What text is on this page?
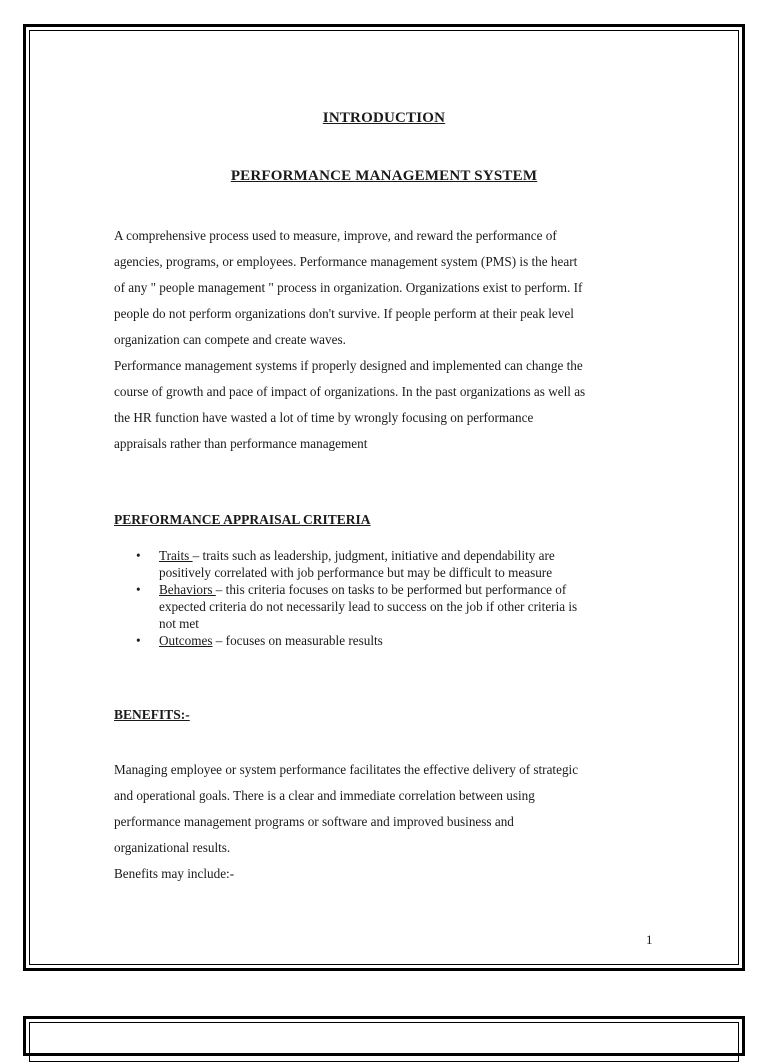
INTRODUCTION
PERFORMANCE MANAGEMENT SYSTEM

A comprehensive process used to measure, improve, and reward the performance of

agencies, programs, or employees. Performance management system (PMS) is the heart

of any " people management " process in organization. Organizations exist to perform. If

people do not perform organizations don't survive. If people perform at their peak level

organization can compete and create waves.

Performance management systems if properly designed and implemented can change the

course of growth and pace of impact of organizations. In the past organizations as well as

the HR function have wasted a lot of time by wrongly focusing on performance

appraisals rather than performance management

PERFORMANCE APPRAISAL CRITERIA
• Traits – traits such as leadership, judgment, initiative and dependability are
positively correlated with job performance but may be difficult to measure
• Behaviors – this criteria focuses on tasks to be performed but performance of
expected criteria do not necessarily lead to success on the job if other criteria is
not met
• Outcomes – focuses on measurable results
BENEFITS:-

Managing employee or system performance facilitates the effective delivery of strategic

and operational goals. There is a clear and immediate correlation between using

performance management programs or software and improved business and

organizational results.

Benefits may include:-

1
